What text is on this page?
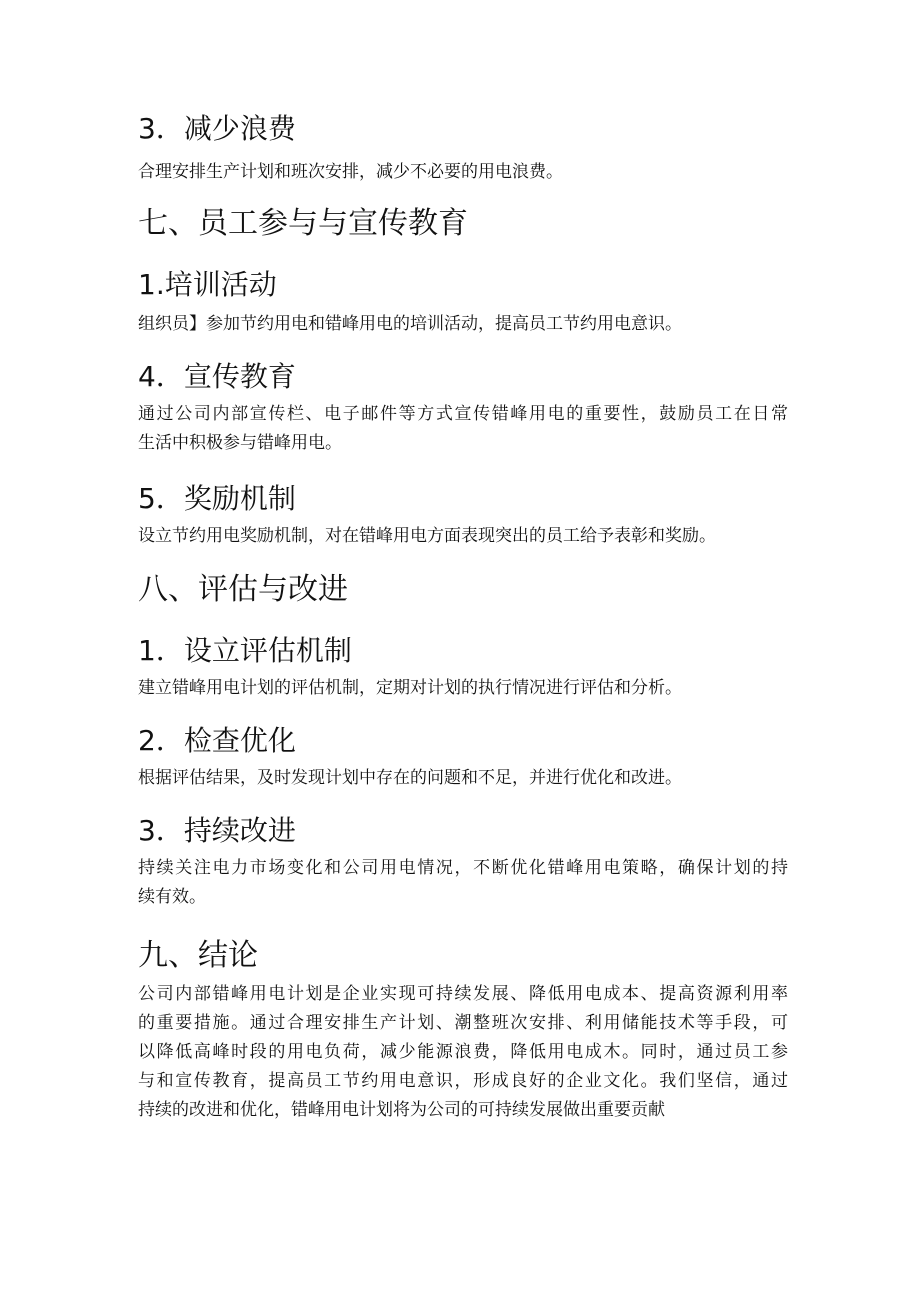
3．减少浪费

合理安排生产计划和班次安排，减少不必要的用电浪费。

七、员工参与与宣传教育
1.培训活动

组织员】参加节约用电和错峰用电的培训活动，提高员工节约用电意识。

4．宣传教育

通过公司内部宣传栏、电子邮件等方式宣传错峰用电的重要性，鼓励员工在日常
生活中积极参与错峰用电。

5．奖励机制

设立节约用电奖励机制，对在错峰用电方面表现突出的员工给予表彰和奖励。

八、评估与改进
1．设立评估机制

建立错峰用电计划的评估机制，定期对计划的执行情况进行评估和分析。

2．检查优化

根据评估结果，及时发现计划中存在的问题和不足，并进行优化和改进。

3．持续改进

持续关注电力市场变化和公司用电情况，不断优化错峰用电策略，确保计划的持
续有效。

九、结论

公司内部错峰用电计划是企业实现可持续发展、降低用电成本、提高资源利用率
的重要措施。通过合理安排生产计划、潮整班次安排、利用储能技术等手段，可
以降低高峰时段的用电负荷，减少能源浪费，降低用电成木。同时，通过员工参
与和宣传教育，提高员工节约用电意识，形成良好的企业文化。我们坚信，通过
持续的改进和优化，错峰用电计划将为公司的可持续发展做出重要贡献
